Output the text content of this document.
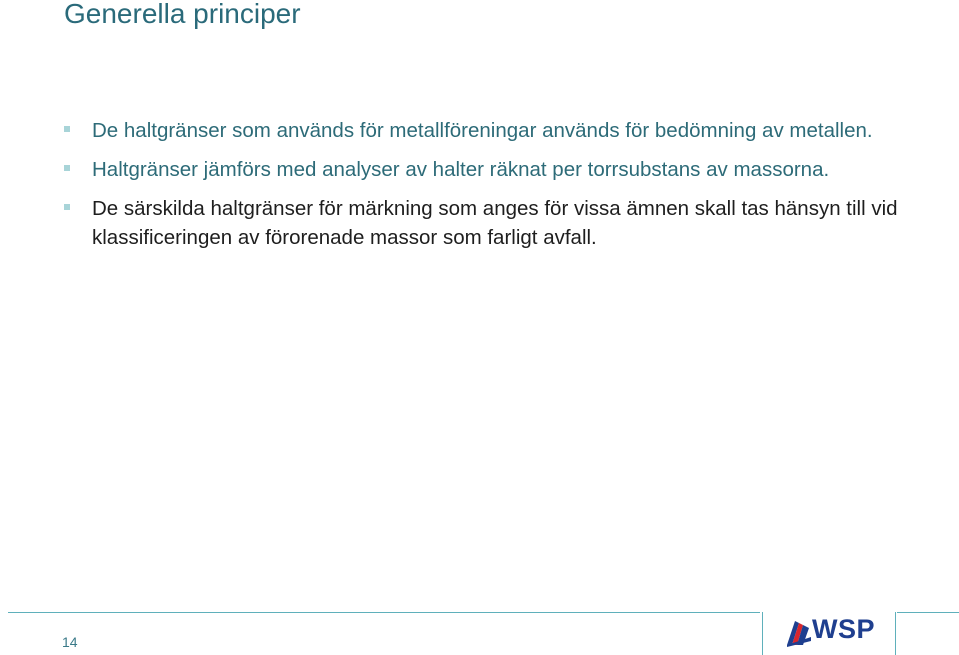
Generella principer
De haltgränser som används för metallföreningar används för bedömning av metallen.
Haltgränser jämförs med analyser av halter räknat per torrsubstans av massorna.
De särskilda haltgränser för märkning som anges för vissa ämnen skall tas hänsyn till vid klassificeringen av förorenade massor som farligt avfall.
WSP
14
